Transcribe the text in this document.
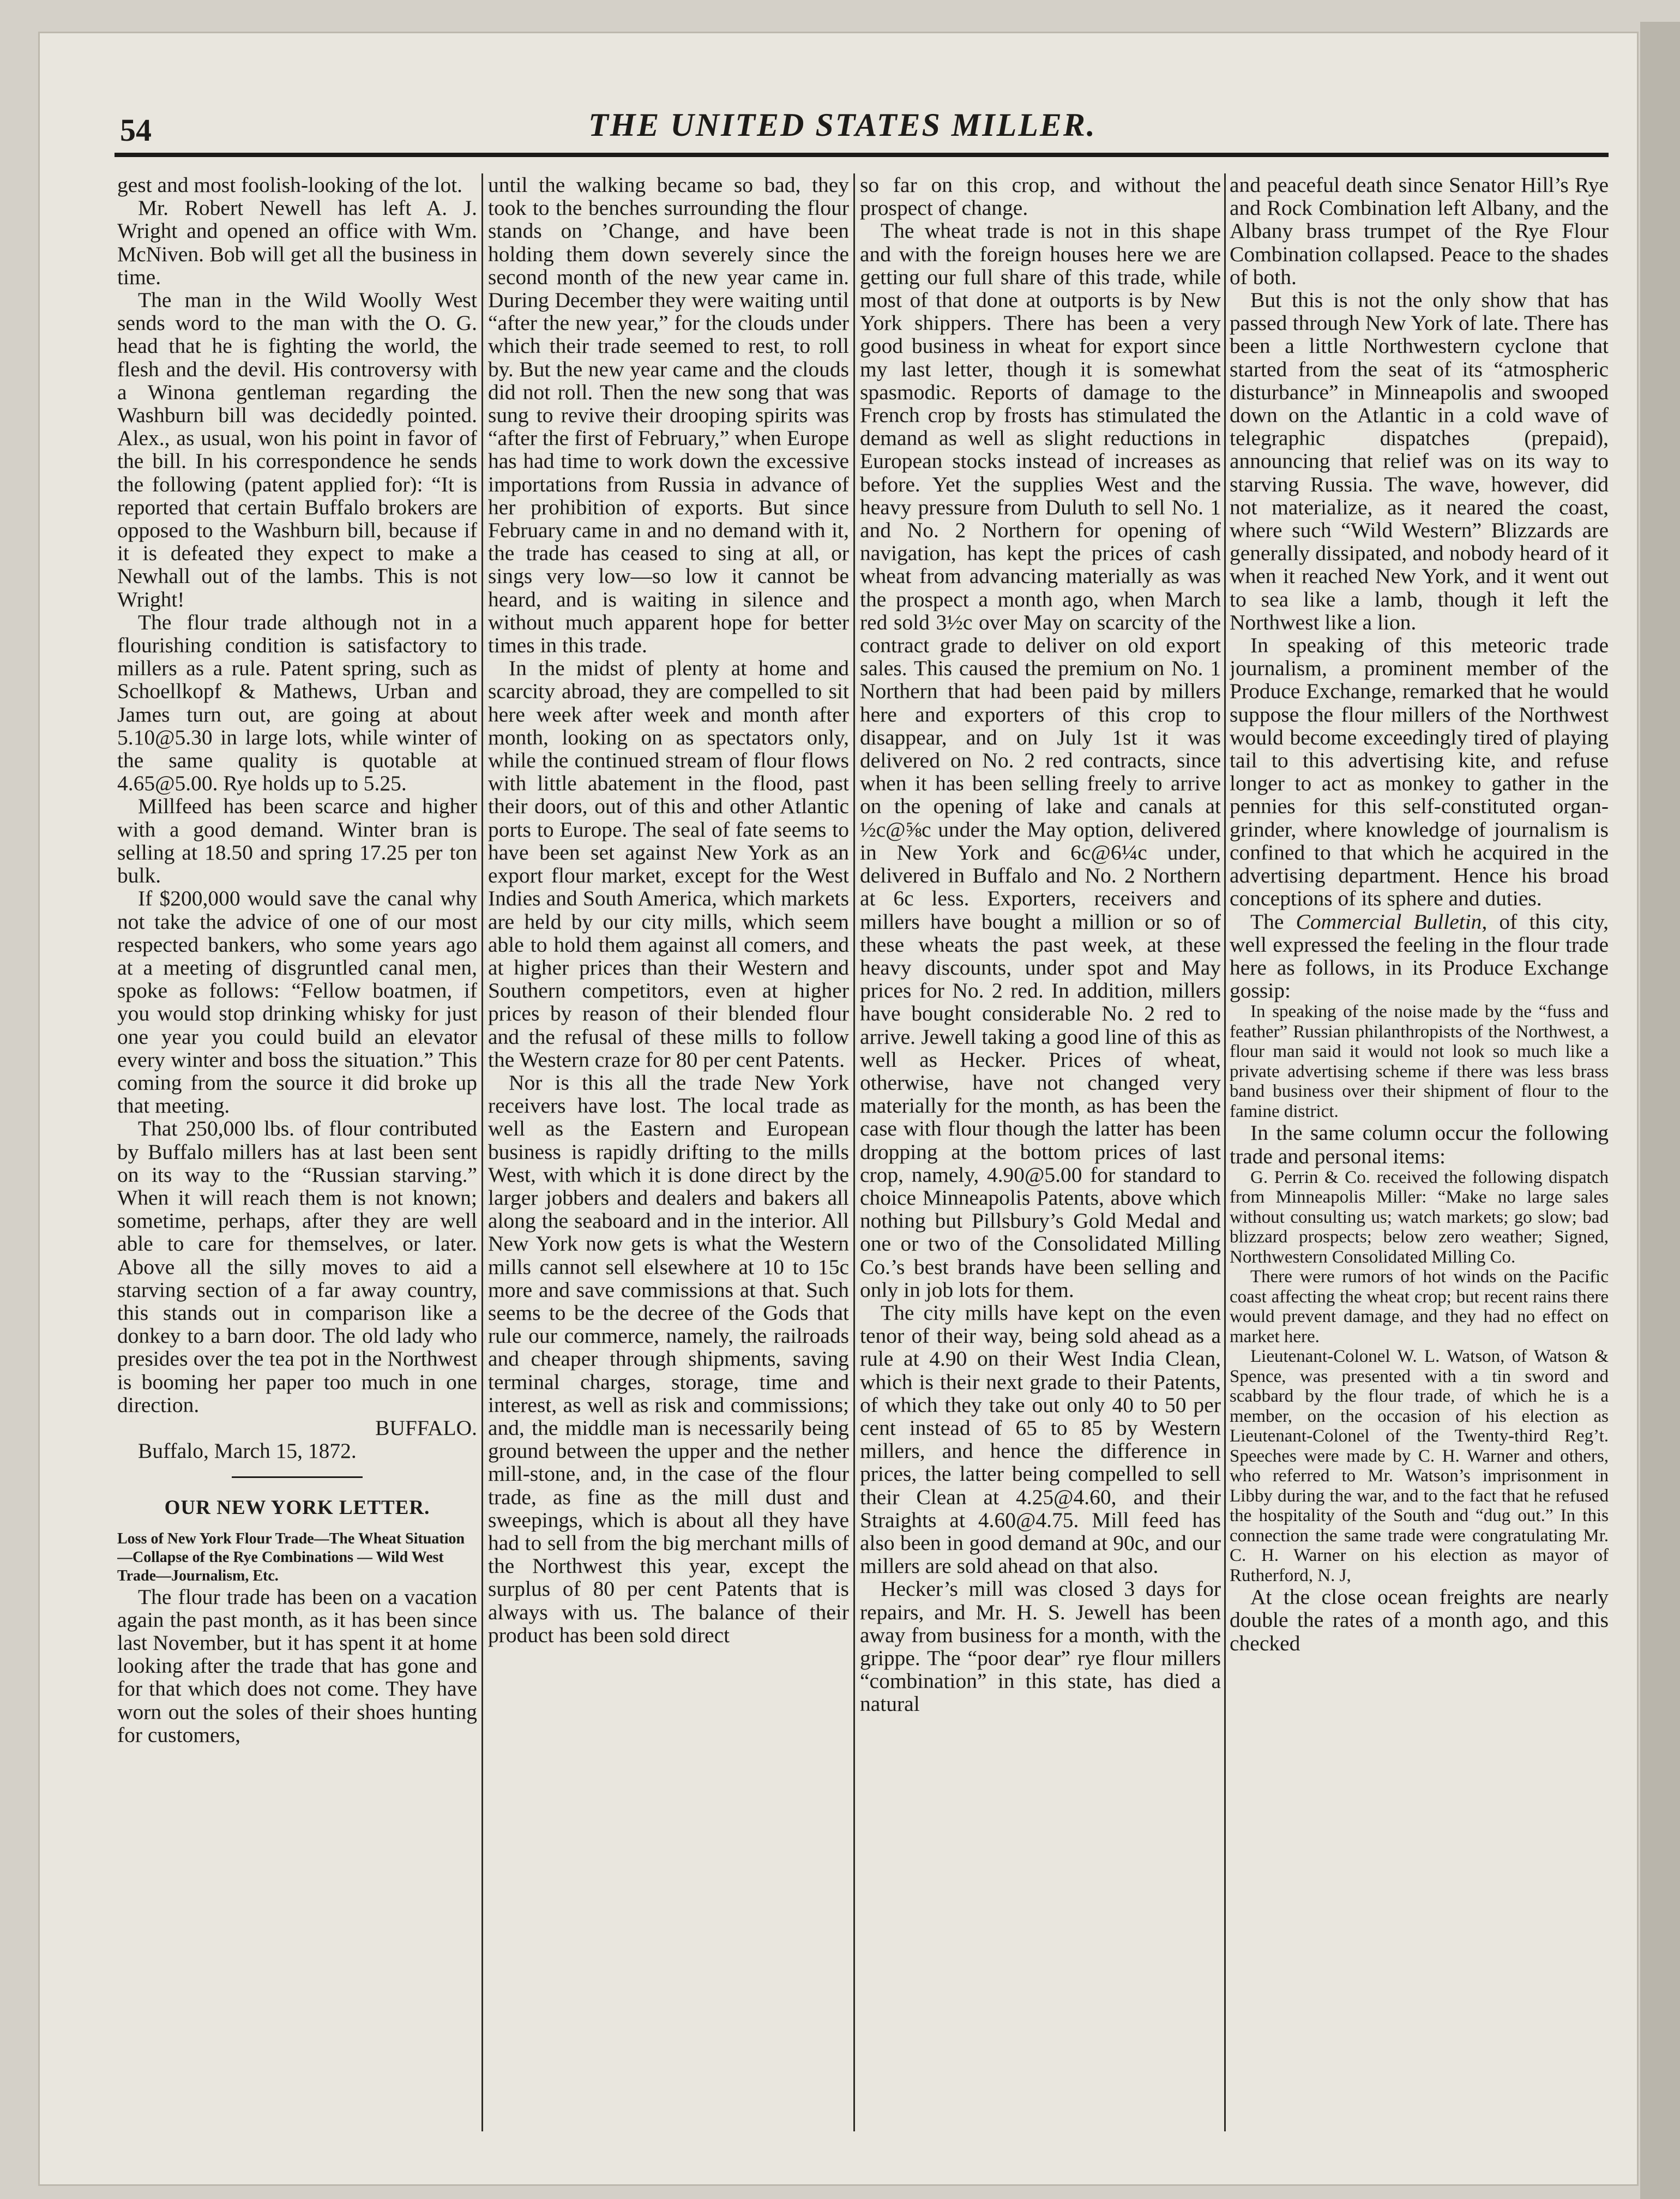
54	THE UNITED STATES MILLER.

gest and most foolish-looking of the lot.

Mr. Robert Newell has left A. J. Wright and opened an office with Wm. McNiven. Bob will get all the business in time.

The man in the Wild Woolly West sends word to the man with the O. G. head that he is fighting the world, the flesh and the devil. His controversy with a Winona gentleman regarding the Washburn bill was decidedly pointed. Alex., as usual, won his point in favor of the bill. In his correspondence he sends the following (patent applied for): “It is reported that certain Buffalo brokers are opposed to the Washburn bill, because if it is defeated they expect to make a Newhall out of the lambs. This is not Wright!

The flour trade although not in a flourishing condition is satisfactory to millers as a rule. Patent spring, such as Schoellkopf & Mathews, Urban and James turn out, are going at about 5.10@5.30 in large lots, while winter of the same quality is quotable at 4.65@5.00. Rye holds up to 5.25.

Millfeed has been scarce and higher with a good demand. Winter bran is selling at 18.50 and spring 17.25 per ton bulk.

If $200,000 would save the canal why not take the advice of one of our most respected bankers, who some years ago at a meeting of disgruntled canal men, spoke as follows: “Fellow boatmen, if you would stop drinking whisky for just one year you could build an elevator every winter and boss the situation.” This coming from the source it did broke up that meeting.

That 250,000 lbs. of flour contributed by Buffalo millers has at last been sent on its way to the “Russian starving.” When it will reach them is not known; sometime, perhaps, after they are well able to care for themselves, or later. Above all the silly moves to aid a starving section of a far away country, this stands out in comparison like a donkey to a barn door. The old lady who presides over the tea pot in the Northwest is booming her paper too much in one direction.

BUFFALO.

Buffalo, March 15, 1872.

OUR NEW YORK LETTER.

Loss of New York Flour Trade—The Wheat Situation—Collapse of the Rye Combinations — Wild West Trade—Journalism, Etc.

The flour trade has been on a vacation again the past month, as it has been since last November, but it has spent it at home looking after the trade that has gone and for that which does not come. They have worn out the soles of their shoes hunting for customers,

until the walking became so bad, they took to the benches surrounding the flour stands on ’Change, and have been holding them down severely since the second month of the new year came in. During December they were waiting until “after the new year,” for the clouds under which their trade seemed to rest, to roll by. But the new year came and the clouds did not roll. Then the new song that was sung to revive their drooping spirits was “after the first of February,” when Europe has had time to work down the excessive importations from Russia in advance of her prohibition of exports. But since February came in and no demand with it, the trade has ceased to sing at all, or sings very low—so low it cannot be heard, and is waiting in silence and without much apparent hope for better times in this trade.

In the midst of plenty at home and scarcity abroad, they are compelled to sit here week after week and month after month, looking on as spectators only, while the continued stream of flour flows with little abatement in the flood, past their doors, out of this and other Atlantic ports to Europe. The seal of fate seems to have been set against New York as an export flour market, except for the West Indies and South America, which markets are held by our city mills, which seem able to hold them against all comers, and at higher prices than their Western and Southern competitors, even at higher prices by reason of their blended flour and the refusal of these mills to follow the Western craze for 80 per cent Patents.

Nor is this all the trade New York receivers have lost. The local trade as well as the Eastern and European business is rapidly drifting to the mills West, with which it is done direct by the larger jobbers and dealers and bakers all along the seaboard and in the interior. All New York now gets is what the Western mills cannot sell elsewhere at 10 to 15c more and save commissions at that. Such seems to be the decree of the Gods that rule our commerce, namely, the railroads and cheaper through shipments, saving terminal charges, storage, time and interest, as well as risk and commissions; and, the middle man is necessarily being ground between the upper and the nether mill-stone, and, in the case of the flour trade, as fine as the mill dust and sweepings, which is about all they have had to sell from the big merchant mills of the Northwest this year, except the surplus of 80 per cent Patents that is always with us. The balance of their product has been sold direct

so far on this crop, and without the prospect of change.

The wheat trade is not in this shape and with the foreign houses here we are getting our full share of this trade, while most of that done at outports is by New York shippers. There has been a very good business in wheat for export since my last letter, though it is somewhat spasmodic. Reports of damage to the French crop by frosts has stimulated the demand as well as slight reductions in European stocks instead of increases as before. Yet the supplies West and the heavy pressure from Duluth to sell No. 1 and No. 2 Northern for opening of navigation, has kept the prices of cash wheat from advancing materially as was the prospect a month ago, when March red sold 3½c over May on scarcity of the contract grade to deliver on old export sales. This caused the premium on No. 1 Northern that had been paid by millers here and exporters of this crop to disappear, and on July 1st it was delivered on No. 2 red contracts, since when it has been selling freely to arrive on the opening of lake and canals at ½c@⅝c under the May option, delivered in New York and 6c@6¼c under, delivered in Buffalo and No. 2 Northern at 6c less. Exporters, receivers and millers have bought a million or so of these wheats the past week, at these heavy discounts, under spot and May prices for No. 2 red. In addition, millers have bought considerable No. 2 red to arrive. Jewell taking a good line of this as well as Hecker. Prices of wheat, otherwise, have not changed very materially for the month, as has been the case with flour though the latter has been dropping at the bottom prices of last crop, namely, 4.90@5.00 for standard to choice Minneapolis Patents, above which nothing but Pillsbury’s Gold Medal and one or two of the Consolidated Milling Co.’s best brands have been selling and only in job lots for them.

The city mills have kept on the even tenor of their way, being sold ahead as a rule at 4.90 on their West India Clean, which is their next grade to their Patents, of which they take out only 40 to 50 per cent instead of 65 to 85 by Western millers, and hence the difference in prices, the latter being compelled to sell their Clean at 4.25@4.60, and their Straights at 4.60@4.75. Mill feed has also been in good demand at 90c, and our millers are sold ahead on that also.

Hecker’s mill was closed 3 days for repairs, and Mr. H. S. Jewell has been away from business for a month, with the grippe. The “poor dear” rye flour millers “combination” in this state, has died a natural

and peaceful death since Senator Hill’s Rye and Rock Combination left Albany, and the Albany brass trumpet of the Rye Flour Combination collapsed. Peace to the shades of both.

But this is not the only show that has passed through New York of late. There has been a little Northwestern cyclone that started from the seat of its “atmospheric disturbance” in Minneapolis and swooped down on the Atlantic in a cold wave of telegraphic dispatches (prepaid), announcing that relief was on its way to starving Russia. The wave, however, did not materialize, as it neared the coast, where such “Wild Western” Blizzards are generally dissipated, and nobody heard of it when it reached New York, and it went out to sea like a lamb, though it left the Northwest like a lion.

In speaking of this meteoric trade journalism, a prominent member of the Produce Exchange, remarked that he would suppose the flour millers of the Northwest would become exceedingly tired of playing tail to this advertising kite, and refuse longer to act as monkey to gather in the pennies for this self-constituted organ-grinder, where knowledge of journalism is confined to that which he acquired in the advertising department. Hence his broad conceptions of its sphere and duties.

The Commercial Bulletin, of this city, well expressed the feeling in the flour trade here as follows, in its Produce Exchange gossip:

In speaking of the noise made by the “fuss and feather” Russian philanthropists of the Northwest, a flour man said it would not look so much like a private advertising scheme if there was less brass band business over their shipment of flour to the famine district.

In the same column occur the following trade and personal items:

G. Perrin & Co. received the following dispatch from Minneapolis Miller: “Make no large sales without consulting us; watch markets; go slow; bad blizzard prospects; below zero weather; Signed, Northwestern Consolidated Milling Co.

There were rumors of hot winds on the Pacific coast affecting the wheat crop; but recent rains there would prevent damage, and they had no effect on market here.

Lieutenant-Colonel W. L. Watson, of Watson & Spence, was presented with a tin sword and scabbard by the flour trade, of which he is a member, on the occasion of his election as Lieutenant-Colonel of the Twenty-third Reg’t. Speeches were made by C. H. Warner and others, who referred to Mr. Watson’s imprisonment in Libby during the war, and to the fact that he refused the hospitality of the South and “dug out.” In this connection the same trade were congratulating Mr. C. H. Warner on his election as mayor of Rutherford, N. J,

At the close ocean freights are nearly double the rates of a month ago, and this checked
